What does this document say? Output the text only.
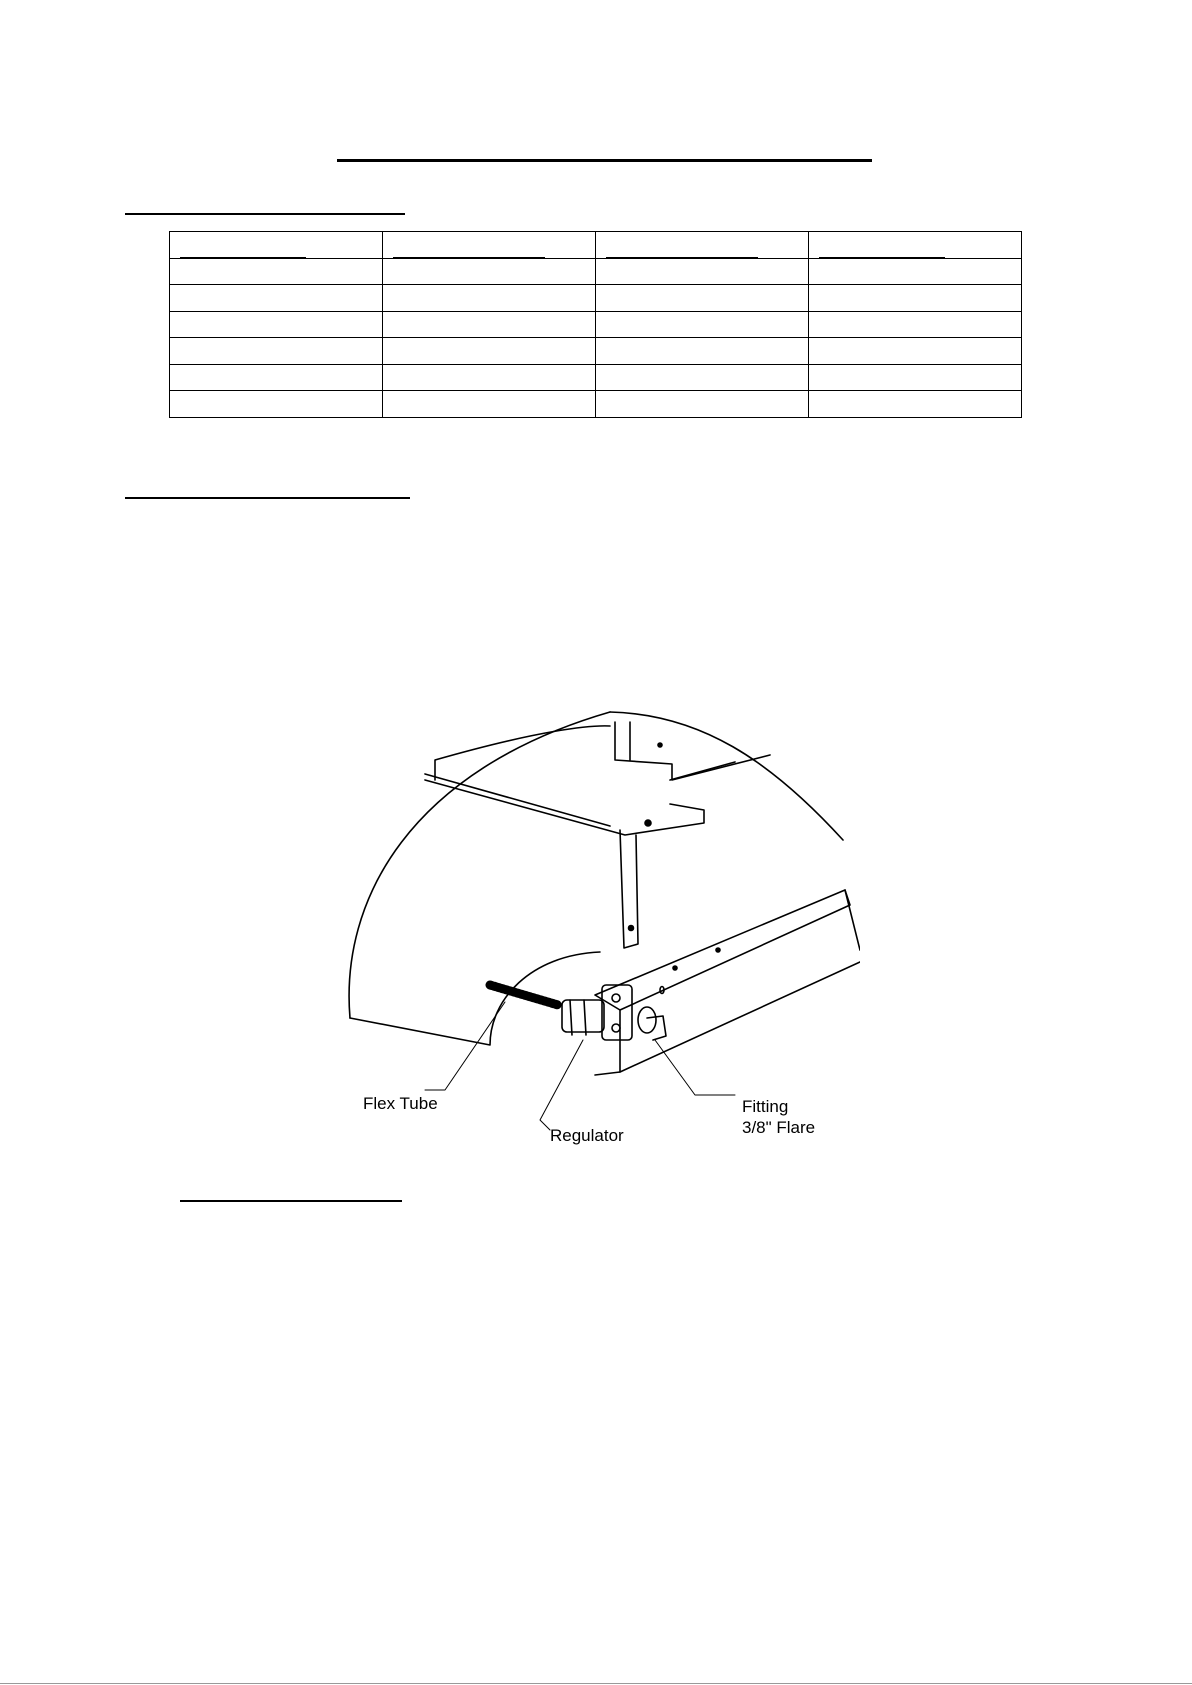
Flex Tube
Regulator
Fitting
3/8" Flare
